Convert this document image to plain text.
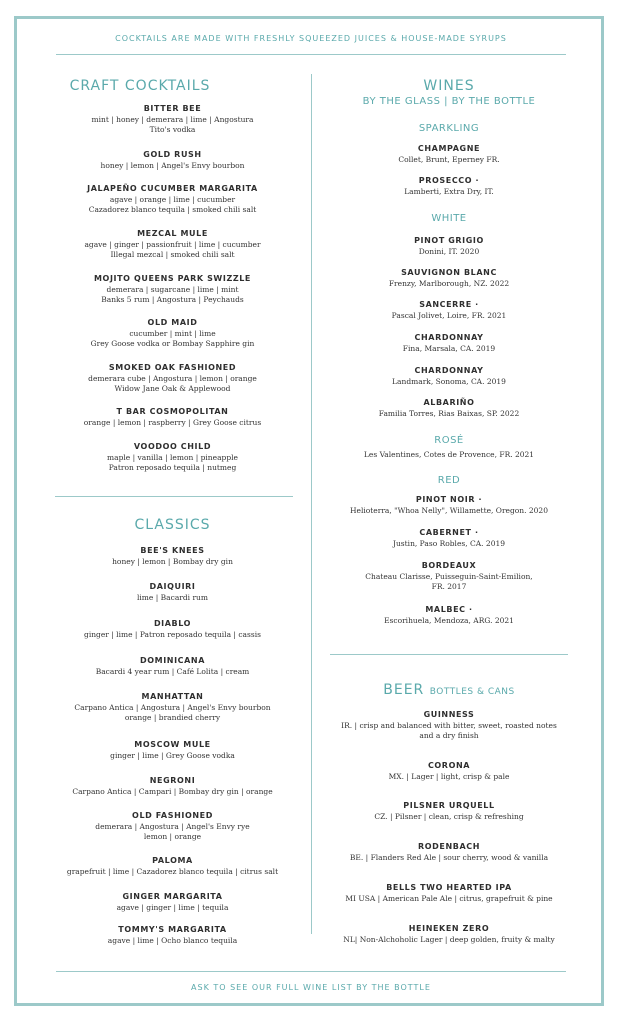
COCKTAILS ARE MADE WITH FRESHLY SQUEEZED JUICES & HOUSE-MADE SYRUPS
CRAFT COCKTAILS
BITTER BEE
mint | honey | demerara | lime | Angostura
Tito's vodka
GOLD RUSH
honey | lemon | Angel's Envy bourbon
JALAPEÑO CUCUMBER MARGARITA
agave | orange | lime | cucumber
Cazadorez blanco tequila | smoked chili salt
MEZCAL MULE
agave | ginger | passionfruit | lime | cucumber
Illegal mezcal | smoked chili salt
MOJITO QUEENS PARK SWIZZLE
demerara | sugarcane | lime | mint
Banks 5 rum | Angostura | Peychauds
OLD MAID
cucumber | mint | lime
Grey Goose vodka or Bombay Sapphire gin
SMOKED OAK FASHIONED
demerara cube | Angostura | lemon | orange
Widow Jane Oak & Applewood
T BAR COSMOPOLITAN
orange | lemon | raspberry | Grey Goose citrus
VOODOO CHILD
maple | vanilla | lemon | pineapple
Patron reposado tequila | nutmeg
CLASSICS
BEE'S KNEES
honey | lemon | Bombay dry gin
DAIQUIRI
lime | Bacardi rum
DIABLO
ginger | lime | Patron reposado tequila | cassis
DOMINICANA
Bacardi 4 year rum | Café Lolita | cream
MANHATTAN
Carpano Antica | Angostura | Angel's Envy bourbon
orange | brandied cherry
MOSCOW MULE
ginger | lime | Grey Goose vodka
NEGRONI
Carpano Antica | Campari | Bombay dry gin | orange
OLD FASHIONED
demerara | Angostura | Angel's Envy rye
lemon | orange
PALOMA
grapefruit | lime | Cazadorez blanco tequila | citrus salt
GINGER MARGARITA
agave | ginger | lime | tequila
TOMMY'S MARGARITA
agave | lime | Ocho blanco tequila
WINES
BY THE GLASS | BY THE BOTTLE
SPARKLING
CHAMPAGNE
Collet, Brunt, Eperney FR.
PROSECCO ·
Lamberti, Extra Dry, IT.
WHITE
PINOT GRIGIO
Donini, IT. 2020
SAUVIGNON BLANC
Frenzy, Marlborough, NZ. 2022
SANCERRE ·
Pascal Jolivet, Loire, FR. 2021
CHARDONNAY
Fina, Marsala, CA. 2019
CHARDONNAY
Landmark, Sonoma, CA. 2019
ALBARIÑO
Familia Torres, Rias Baixas, SP. 2022
ROSÉ
Les Valentines, Cotes de Provence, FR. 2021
RED
PINOT NOIR ·
Helioterra, "Whoa Nelly", Willamette, Oregon. 2020
CABERNET ·
Justin, Paso Robles, CA. 2019
BORDEAUX
Chateau Clarisse, Puisseguin-Saint-Emilion,
FR. 2017
MALBEC ·
Escorihuela, Mendoza, ARG. 2021
BEER BOTTLES & CANS
GUINNESS
IR. | crisp and balanced with bitter, sweet, roasted notes
and a dry finish
CORONA
MX. | Lager | light, crisp & pale
PILSNER URQUELL
CZ. | Pilsner | clean, crisp & refreshing
RODENBACH
BE. | Flanders Red Ale | sour cherry, wood & vanilla
BELLS TWO HEARTED IPA
MI USA | American Pale Ale | citrus, grapefruit & pine
HEINEKEN ZERO
NL| Non-Alchoholic Lager | deep golden, fruity & malty
ASK TO SEE OUR FULL WINE LIST BY THE BOTTLE
